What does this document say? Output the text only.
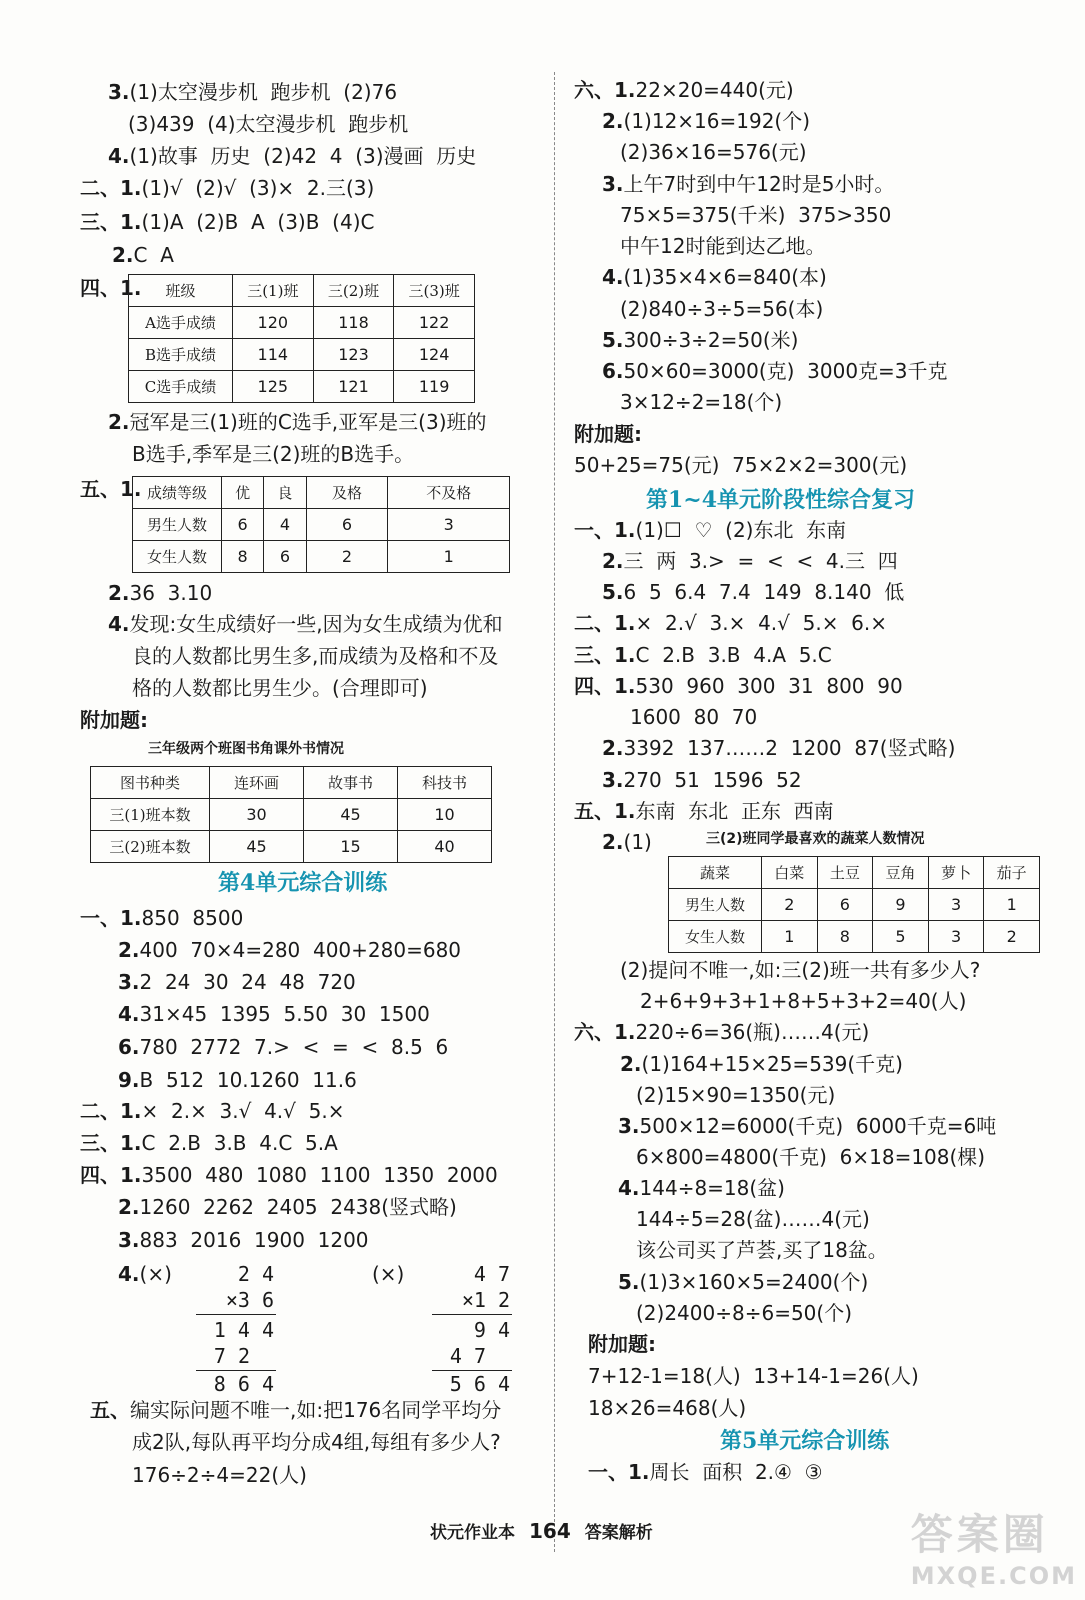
3.(1)太空漫步机  跑步机  (2)76
(3)439  (4)太空漫步机  跑步机
4.(1)故事  历史  (2)42  4  (3)漫画  历史
二、1.(1)√  (2)√  (3)×  2.三(3)
三、1.(1)A  (2)B  A  (3)B  (4)C
2.C  A
四、1. 班级	三(1)班	三(2)班	三(3)班
A选手成绩	120	118	122
B选手成绩	114	123	124
C选手成绩	125	121	119
2.冠军是三(1)班的C选手,亚军是三(3)班的
B选手,季军是三(2)班的B选手。
五、1. 成绩等级	优	良	及格	不及格
男生人数	6	4	6	3
女生人数	8	6	2	1
2.36  3.10
4.发现:女生成绩好一些,因为女生成绩为优和
良的人数都比男生多,而成绩为及格和不及
格的人数都比男生少。(合理即可)
附加题:
三年级两个班图书角课外书情况
图书种类	连环画	故事书	科技书
三(1)班本数	30	45	10
三(2)班本数	45	15	40
第4单元综合训练
一、1.850  8500
2.400  70×4=280  400+280=680
3.2  24  30  24  48  720
4.31×45  1395  5.50  30  1500
6.780  2772  7.>  <  =  <  8.5  6
9.B  512  10.1260  11.6
二、1.×  2.×  3.√  4.√  5.×
三、1.C  2.B  3.B  4.C  5.A
四、1.3500  480  1080  1100  1350  2000
2.1260  2262  2405  2438(竖式略)
3.883  2016  1900  1200
4.(×)	(×)
2 4
×3 6
1 4 4
7 2
8 6 4
4 7
×1 2
9 4
4 7
5 6 4
五、编实际问题不唯一,如:把176名同学平均分
成2队,每队再平均分成4组,每组有多少人?
176÷2÷4=22(人)
六、1.22×20=440(元)
2.(1)12×16=192(个)
(2)36×16=576(元)
3.上午7时到中午12时是5小时。
75×5=375(千米)  375>350
中午12时能到达乙地。
4.(1)35×4×6=840(本)
(2)840÷3÷5=56(本)
5.300÷3÷2=50(米)
6.50×60=3000(克)  3000克=3千克
3×12÷2=18(个)
附加题:
50+25=75(元)  75×2×2=300(元)
第1~4单元阶段性综合复习
一、1.(1)☐  ♡  (2)东北  东南
2.三  两  3.>  =  <  <  4.三  四
5.6  5  6.4  7.4  149  8.140  低
二、1.×  2.√  3.×  4.√  5.×  6.×
三、1.C  2.B  3.B  4.A  5.C
四、1.530  960  300  31  800  90
1600  80  70
2.3392  137……2  1200  87(竖式略)
3.270  51  1596  52
五、1.东南  东北  正东  西南
2.(1)	三(2)班同学最喜欢的蔬菜人数情况
蔬菜	白菜	土豆	豆角	萝卜	茄子
男生人数	2	6	9	3	1
女生人数	1	8	5	3	2
(2)提问不唯一,如:三(2)班一共有多少人?
2+6+9+3+1+8+5+3+2=40(人)
六、1.220÷6=36(瓶)……4(元)
2.(1)164+15×25=539(千克)
(2)15×90=1350(元)
3.500×12=6000(千克)  6000千克=6吨
6×800=4800(千克)  6×18=108(棵)
4.144÷8=18(盆)
144÷5=28(盆)……4(元)
该公司买了芦荟,买了18盆。
5.(1)3×160×5=2400(个)
(2)2400÷8÷6=50(个)
附加题:
7+12-1=18(人)  13+14-1=26(人)
18×26=468(人)
第5单元综合训练
一、1.周长  面积  2.④  ③
状元作业本 164 答案解析	答案圈
MXQE.COM
